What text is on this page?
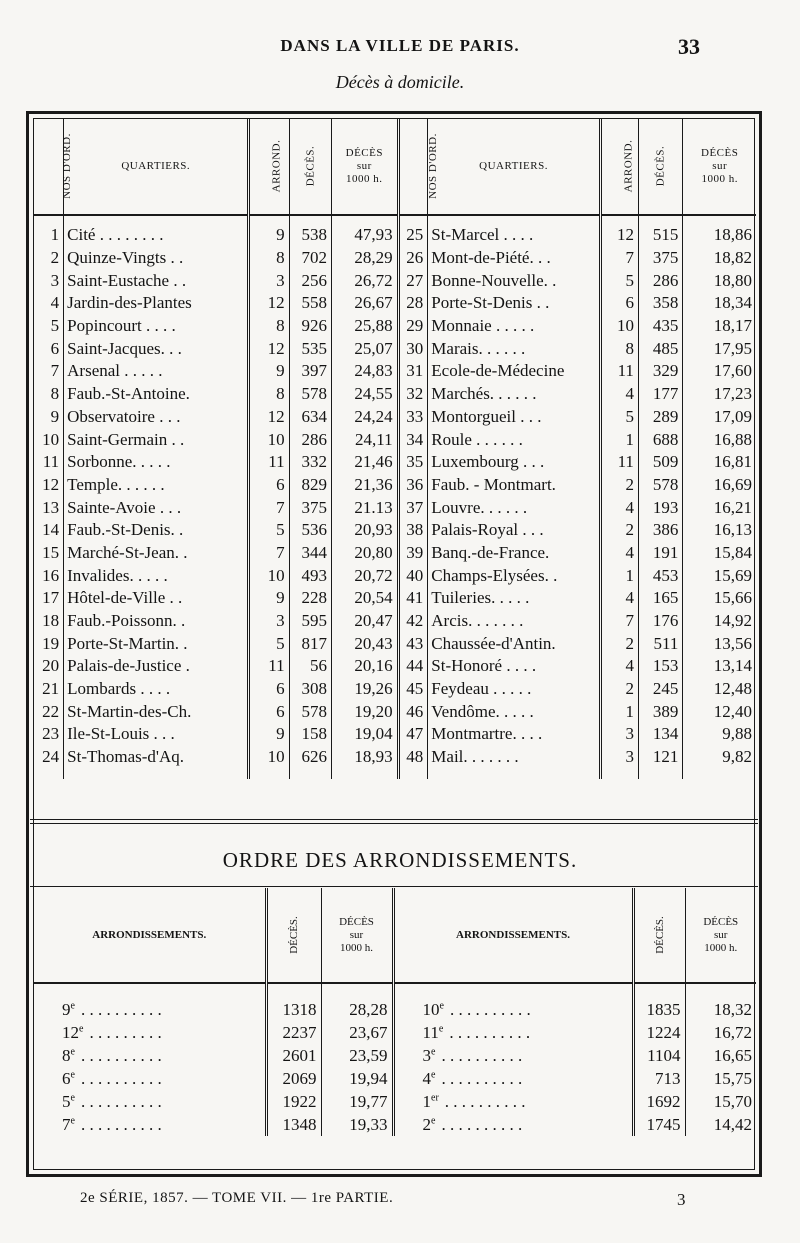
DANS LA VILLE DE PARIS.	33
Décès à domicile.
NOS D'ORD.	QUARTIERS.	ARROND.	DÉCÈS.	DÉCÈS
sur
1000 h.	NOS D'ORD.	QUARTIERS.	ARROND.	DÉCÈS.	DÉCÈS
sur
1000 h.

1	Cité . . . . . . . .	9	538	47,93	25	St-Marcel . . . .	12	515	18,86
2	Quinze-Vingts . .	8	702	28,29	26	Mont-de-Piété. . .	7	375	18,82
3	Saint-Eustache . .	3	256	26,72	27	Bonne-Nouvelle. .	5	286	18,80
4	Jardin-des-Plantes	12	558	26,67	28	Porte-St-Denis . .	6	358	18,34
5	Popincourt . . . .	8	926	25,88	29	Monnaie . . . . .	10	435	18,17
6	Saint-Jacques. . .	12	535	25,07	30	Marais. . . . . .	8	485	17,95
7	Arsenal . . . . .	9	397	24,83	31	Ecole-de-Médecine	11	329	17,60
8	Faub.-St-Antoine.	8	578	24,55	32	Marchés. . . . . .	4	177	17,23
9	Observatoire . . .	12	634	24,24	33	Montorgueil . . .	5	289	17,09
10	Saint-Germain . .	10	286	24,11	34	Roule . . . . . .	1	688	16,88
11	Sorbonne. . . . .	11	332	21,46	35	Luxembourg . . .	11	509	16,81
12	Temple. . . . . .	6	829	21,36	36	Faub. - Montmart.	2	578	16,69
13	Sainte-Avoie . . .	7	375	21.13	37	Louvre. . . . . .	4	193	16,21
14	Faub.-St-Denis. .	5	536	20,93	38	Palais-Royal . . .	2	386	16,13
15	Marché-St-Jean. .	7	344	20,80	39	Banq.-de-France.	4	191	15,84
16	Invalides. . . . .	10	493	20,72	40	Champs-Elysées. .	1	453	15,69
17	Hôtel-de-Ville . .	9	228	20,54	41	Tuileries. . . . .	4	165	15,66
18	Faub.-Poissonn. .	3	595	20,47	42	Arcis. . . . . . .	7	176	14,92
19	Porte-St-Martin. .	5	817	20,43	43	Chaussée-d'Antin.	2	511	13,56
20	Palais-de-Justice .	11	56	20,16	44	St-Honoré . . . .	4	153	13,14
21	Lombards . . . .	6	308	19,26	45	Feydeau . . . . .	2	245	12,48
22	St-Martin-des-Ch.	6	578	19,20	46	Vendôme. . . . .	1	389	12,40
23	Ile-St-Louis . . .	9	158	19,04	47	Montmartre. . . .	3	134	9,88
24	St-Thomas-d'Aq.	10	626	18,93	48	Mail. . . . . . .	3	121	9,82
ORDRE DES ARRONDISSEMENTS.
ARRONDISSEMENTS.	DÉCÈS.	DÉCÈS
sur
1000 h.	ARRONDISSEMENTS.	DÉCÈS.	DÉCÈS
sur
1000 h.

9e . . . . . . . . . .	1318	28,28	10e . . . . . . . . . .	1835	18,32
12e . . . . . . . . .	2237	23,67	11e . . . . . . . . . .	1224	16,72
8e . . . . . . . . . .	2601	23,59	3e . . . . . . . . . .	1104	16,65
6e . . . . . . . . . .	2069	19,94	4e . . . . . . . . . .	713	15,75
5e . . . . . . . . . .	1922	19,77	1er . . . . . . . . . .	1692	15,70
7e . . . . . . . . . .	1348	19,33	2e . . . . . . . . . .	1745	14,42
2e SÉRIE, 1857. — TOME VII. — 1re PARTIE.	3
